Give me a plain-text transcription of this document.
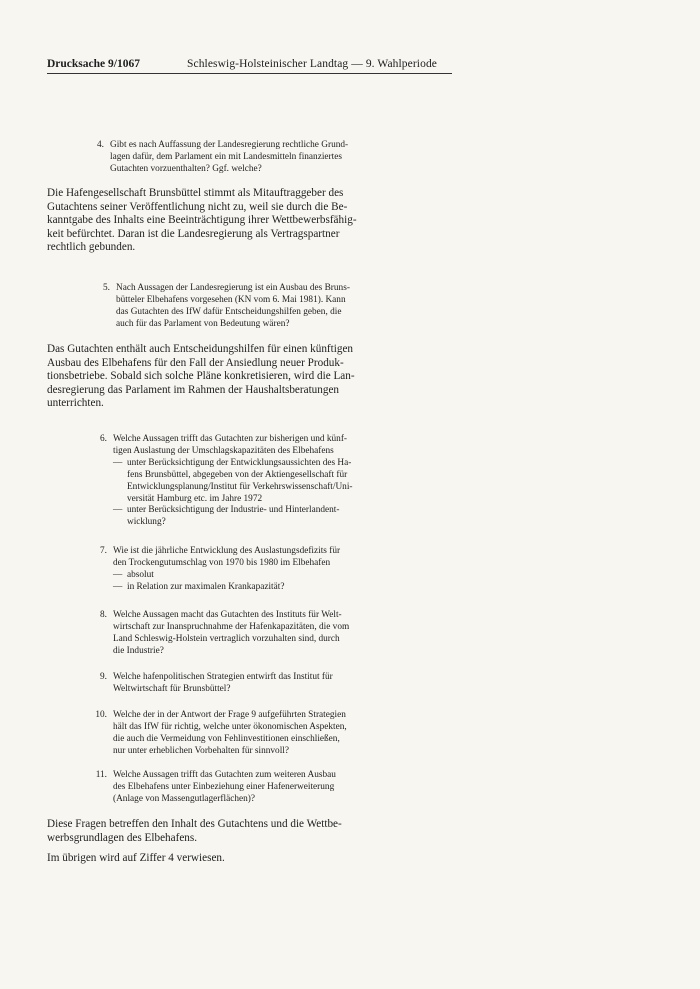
Drucksache 9/1067	Schleswig-Holsteinischer Landtag — 9. Wahlperiode
4. Gibt es nach Auffassung der Landesregierung rechtliche Grund-
lagen dafür, dem Parlament ein mit Landesmitteln finanziertes
Gutachten vorzuenthalten? Ggf. welche?
Die Hafengesellschaft Brunsbüttel stimmt als Mitauftraggeber des
Gutachtens seiner Veröffentlichung nicht zu, weil sie durch die Be-
kanntgabe des Inhalts eine Beeinträchtigung ihrer Wettbewerbsfähig-
keit befürchtet. Daran ist die Landesregierung als Vertragspartner
rechtlich gebunden.
5. Nach Aussagen der Landesregierung ist ein Ausbau des Bruns-
bütteler Elbehafens vorgesehen (KN vom 6. Mai 1981). Kann
das Gutachten des IfW dafür Entscheidungshilfen geben, die
auch für das Parlament von Bedeutung wären?
Das Gutachten enthält auch Entscheidungshilfen für einen künftigen
Ausbau des Elbehafens für den Fall der Ansiedlung neuer Produk-
tionsbetriebe. Sobald sich solche Pläne konkretisieren, wird die Lan-
desregierung das Parlament im Rahmen der Haushaltsberatungen
unterrichten.
6. Welche Aussagen trifft das Gutachten zur bisherigen und künf-
tigen Auslastung der Umschlagskapazitäten des Elbehafens
— unter Berücksichtigung der Entwicklungsaussichten des Ha-
fens Brunsbüttel, abgegeben von der Aktiengesellschaft für
Entwicklungsplanung/Institut für Verkehrswissenschaft/Uni-
versität Hamburg etc. im Jahre 1972
— unter Berücksichtigung der Industrie- und Hinterlandent-
wicklung?
7. Wie ist die jährliche Entwicklung des Auslastungsdefizits für
den Trockengutumschlag von 1970 bis 1980 im Elbehafen
— absolut
— in Relation zur maximalen Krankapazität?
8. Welche Aussagen macht das Gutachten des Instituts für Welt-
wirtschaft zur Inanspruchnahme der Hafenkapazitäten, die vom
Land Schleswig-Holstein vertraglich vorzuhalten sind, durch
die Industrie?
9. Welche hafenpolitischen Strategien entwirft das Institut für
Weltwirtschaft für Brunsbüttel?
10. Welche der in der Antwort der Frage 9 aufgeführten Strategien
hält das IfW für richtig, welche unter ökonomischen Aspekten,
die auch die Vermeidung von Fehlinvestitionen einschließen,
nur unter erheblichen Vorbehalten für sinnvoll?
11. Welche Aussagen trifft das Gutachten zum weiteren Ausbau
des Elbehafens unter Einbeziehung einer Hafenerweiterung
(Anlage von Massengutlagerflächen)?
Diese Fragen betreffen den Inhalt des Gutachtens und die Wettbe-
werbsgrundlagen des Elbehafens.
Im übrigen wird auf Ziffer 4 verwiesen.
